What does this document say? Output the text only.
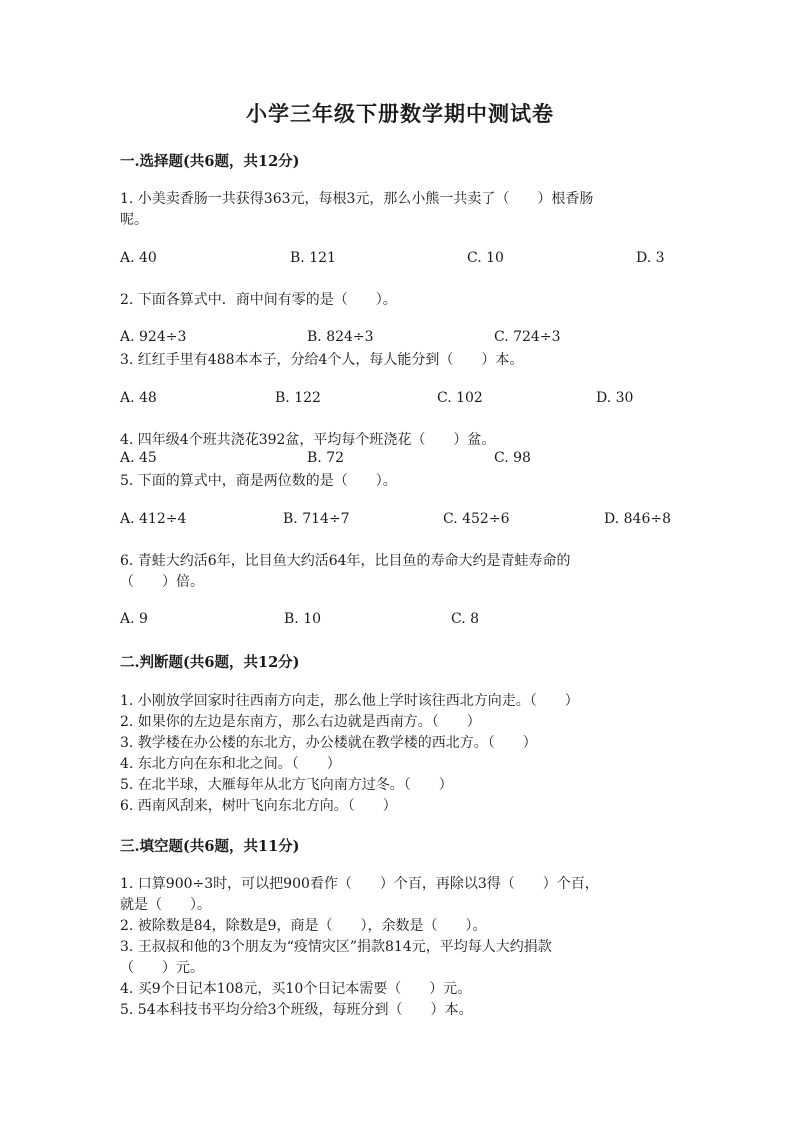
小学三年级下册数学期中测试卷
一.选择题(共6题，共12分)
1. 小美卖香肠一共获得363元，每根3元，那么小熊一共卖了（　　）根香肠
呢。
A. 40	B. 121	C. 10	D. 3
2. 下面各算式中．商中间有零的是（　　）。
A. 924÷3	B. 824÷3	C. 724÷3
3. 红红手里有488本本子，分给4个人，每人能分到（　　）本。
A. 48	B. 122	C. 102	D. 30
4. 四年级4个班共浇花392盆，平均每个班浇花（　　）盆。
A. 45	B. 72	C. 98
5. 下面的算式中，商是两位数的是（　　）。
A. 412÷4	B. 714÷7	C. 452÷6	D. 846÷8
6. 青蛙大约活6年，比目鱼大约活64年，比目鱼的寿命大约是青蛙寿命的
（　　）倍。
A. 9	B. 10	C. 8
二.判断题(共6题，共12分)
1. 小刚放学回家时往西南方向走，那么他上学时该往西北方向走。（　　）
2. 如果你的左边是东南方，那么右边就是西南方。（　　）
3. 教学楼在办公楼的东北方，办公楼就在教学楼的西北方。（　　）
4. 东北方向在东和北之间。（　　）
5. 在北半球，大雁每年从北方飞向南方过冬。（　　）
6. 西南风刮来，树叶飞向东北方向。（　　）
三.填空题(共6题，共11分)
1. 口算900÷3时，可以把900看作（　　）个百，再除以3得（　　）个百，
就是（　　）。
2. 被除数是84，除数是9，商是（　　），余数是（　　）。
3. 王叔叔和他的3个朋友为“疫情灾区”捐款814元，平均每人大约捐款
（　　）元。
4. 买9个日记本108元，买10个日记本需要（　　）元。
5. 54本科技书平均分给3个班级，每班分到（　　）本。
